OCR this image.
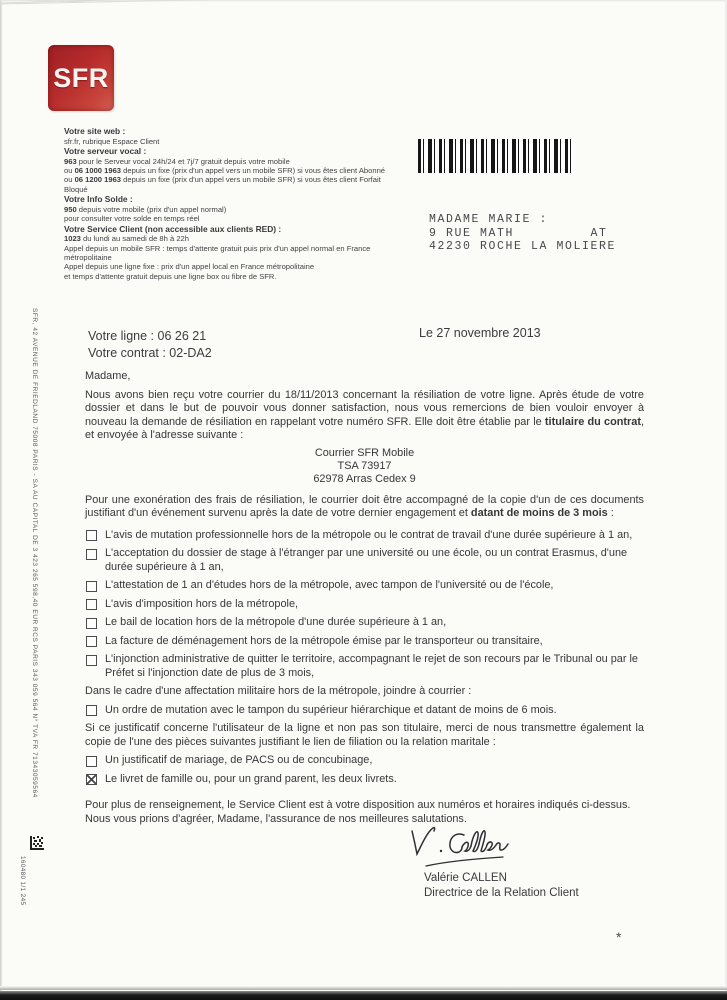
SFR, 42 AVENUE DE FRIEDLAND 75008 PARIS - SA AU CAPITAL DE 3 423 265 598,40 EUR RCS PARIS 343 059 564 N° TVA FR 71343059564
160480 1/1 245
SFR
Votre site web :
sfr.fr, rubrique Espace Client
Votre serveur vocal :
963 pour le Serveur vocal 24h/24 et 7j/7 gratuit depuis votre mobile
ou 06 1000 1963 depuis un fixe (prix d'un appel vers un mobile SFR) si vous êtes client Abonné
ou 06 1200 1963 depuis un fixe (prix d'un appel vers un mobile SFR) si vous êtes client Forfait Bloqué
Votre Info Solde :
950 depuis votre mobile (prix d'un appel normal)
pour consulter votre solde en temps réel
Votre Service Client (non accessible aux clients RED) :
1023 du lundi au samedi de 8h à 22h
Appel depuis un mobile SFR : temps d'attente gratuit puis prix d'un appel normal en France métropolitaine
Appel depuis une ligne fixe : prix d'un appel local en France métropolitaine
et temps d'attente gratuit depuis une ligne box ou fibre de SFR.
MADAME MARIE :
9 RUE MATH         AT
42230 ROCHE LA MOLIERE
Votre ligne : 06 26 21
Votre contrat : 02-DA2
Le 27 novembre 2013

Madame,

Nous avons bien reçu votre courrier du 18/11/2013 concernant la résiliation de votre ligne. Après étude de votre dossier et dans le but de pouvoir vous donner satisfaction, nous vous remercions de bien vouloir envoyer à nouveau la demande de résiliation en rappelant votre numéro SFR. Elle doit être établie par le titulaire du contrat, et envoyée à l'adresse suivante :

Courrier SFR Mobile
TSA 73917
62978 Arras Cedex 9

Pour une exonération des frais de résiliation, le courrier doit être accompagné de la copie d'un de ces documents justifiant d'un événement survenu après la date de votre dernier engagement et datant de moins de 3 mois :

L'avis de mutation professionnelle hors de la métropole ou le contrat de travail d'une durée supérieure à 1 an,
L'acceptation du dossier de stage à l'étranger par une université ou une école, ou un contrat Erasmus, d'une durée supérieure à 1 an,
L'attestation de 1 an d'études hors de la métropole, avec tampon de l'université ou de l'école,
L'avis d'imposition hors de la métropole,
Le bail de location hors de la métropole d'une durée supérieure à 1 an,
La facture de déménagement hors de la métropole émise par le transporteur ou transitaire,
L'injonction administrative de quitter le territoire, accompagnant le rejet de son recours par le Tribunal ou par le Préfet si l'injonction date de plus de 3 mois,

Dans le cadre d'une affectation militaire hors de la métropole, joindre à courrier :

Un ordre de mutation avec le tampon du supérieur hiérarchique et datant de moins de 6 mois.

Si ce justificatif concerne l'utilisateur de la ligne et non pas son titulaire, merci de nous transmettre également la copie de l'une des pièces suivantes justifiant le lien de filiation ou la relation maritale :

Un justificatif de mariage, de PACS ou de concubinage,
Le livret de famille ou, pour un grand parent, les deux livrets.
Pour plus de renseignement, le Service Client est à votre disposition aux numéros et horaires indiqués ci-dessus.
Nous vous prions d'agréer, Madame, l'assurance de nos meilleures salutations.
Valérie CALLEN
Directrice de la Relation Client
*
